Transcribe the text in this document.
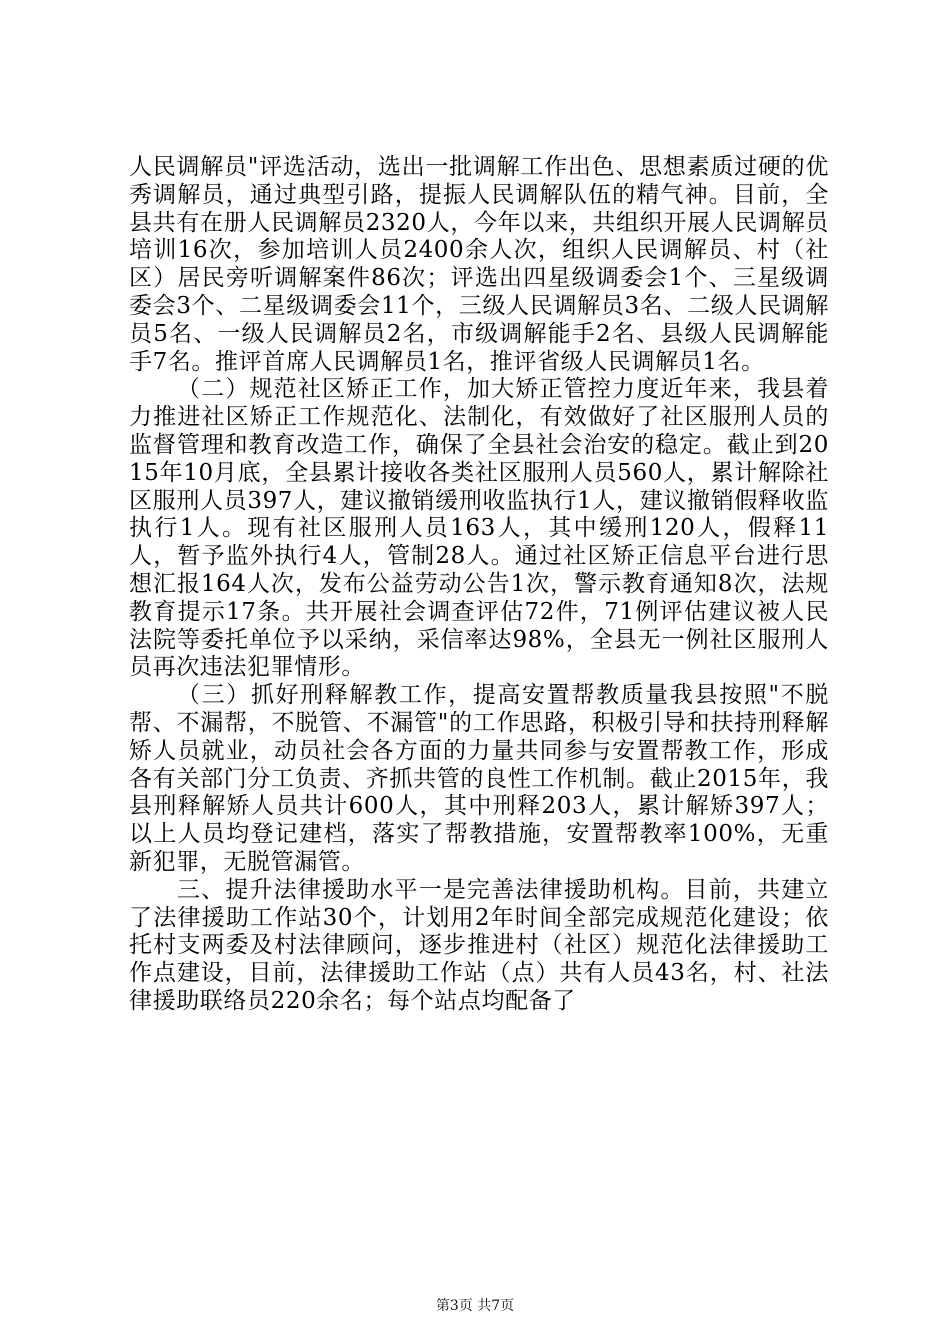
人民调解员"评选活动，选出一批调解工作出色、思想素质过硬的优秀调解员，通过典型引路，提振人民调解队伍的精气神。目前，全县共有在册人民调解员2320人，今年以来，共组织开展人民调解员培训16次，参加培训人员2400余人次，组织人民调解员、村（社区）居民旁听调解案件86次；评选出四星级调委会1个、三星级调委会3个、二星级调委会11个，三级人民调解员3名、二级人民调解员5名、一级人民调解员2名，市级调解能手2名、县级人民调解能手7名。推评首席人民调解员1名，推评省级人民调解员1名。

（二）规范社区矫正工作，加大矫正管控力度近年来，我县着力推进社区矫正工作规范化、法制化，有效做好了社区服刑人员的监督管理和教育改造工作，确保了全县社会治安的稳定。截止到2015年10月底，全县累计接收各类社区服刑人员560人，累计解除社区服刑人员397人，建议撤销缓刑收监执行1人，建议撤销假释收监执行1人。现有社区服刑人员163人，其中缓刑120人，假释11人，暂予监外执行4人，管制28人。通过社区矫正信息平台进行思想汇报164人次，发布公益劳动公告1次，警示教育通知8次，法规教育提示17条。共开展社会调查评估72件，71例评估建议被人民法院等委托单位予以采纳，采信率达98%，全县无一例社区服刑人员再次违法犯罪情形。

（三）抓好刑释解教工作，提高安置帮教质量我县按照"不脱帮、不漏帮，不脱管、不漏管"的工作思路，积极引导和扶持刑释解矫人员就业，动员社会各方面的力量共同参与安置帮教工作，形成各有关部门分工负责、齐抓共管的良性工作机制。截止2015年，我县刑释解矫人员共计600人，其中刑释203人，累计解矫397人；以上人员均登记建档，落实了帮教措施，安置帮教率100%，无重新犯罪，无脱管漏管。

三、提升法律援助水平一是完善法律援助机构。目前，共建立了法律援助工作站30个，计划用2年时间全部完成规范化建设；依托村支两委及村法律顾问，逐步推进村（社区）规范化法律援助工作点建设，目前，法律援助工作站（点）共有人员43名，村、社法律援助联络员220余名；每个站点均配备了

第3页 共7页
